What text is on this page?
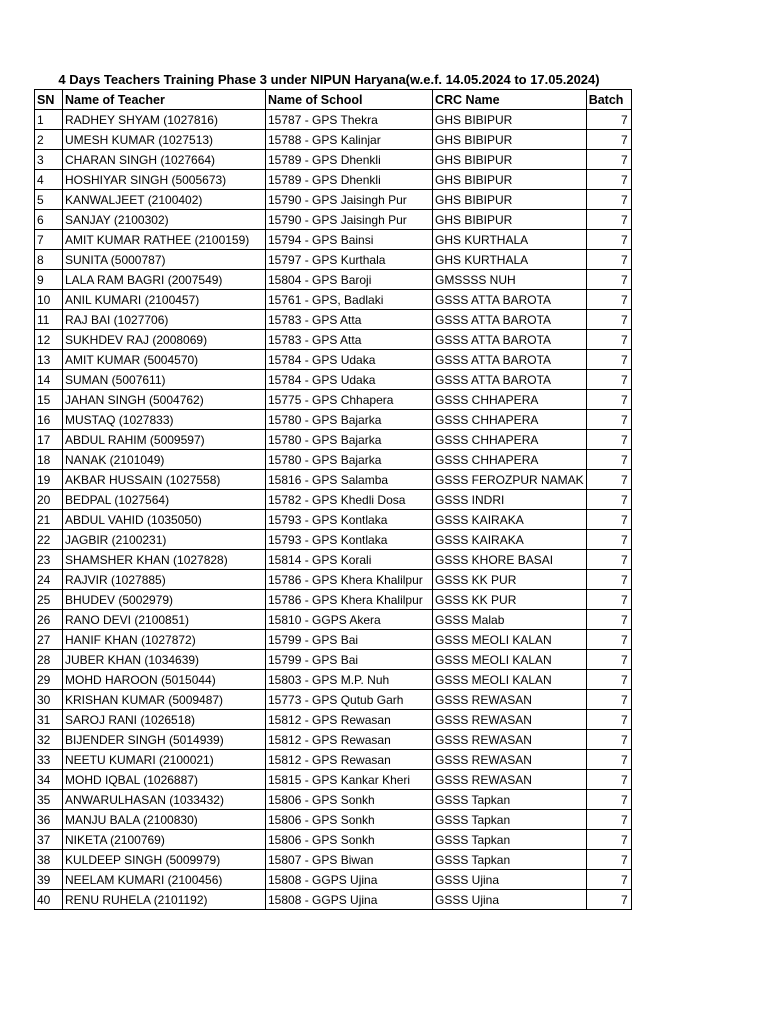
4 Days Teachers Training Phase 3 under NIPUN Haryana(w.e.f. 14.05.2024 to 17.05.2024)
SN	Name of Teacher	Name of School	CRC Name	Batch
1	RADHEY SHYAM (1027816)	15787 - GPS Thekra	GHS BIBIPUR	7
2	UMESH KUMAR (1027513)	15788 - GPS Kalinjar	GHS BIBIPUR	7
3	CHARAN SINGH (1027664)	15789 - GPS Dhenkli	GHS BIBIPUR	7
4	HOSHIYAR SINGH (5005673)	15789 - GPS Dhenkli	GHS BIBIPUR	7
5	KANWALJEET (2100402)	15790 - GPS Jaisingh Pur	GHS BIBIPUR	7
6	SANJAY (2100302)	15790 - GPS Jaisingh Pur	GHS BIBIPUR	7
7	AMIT KUMAR RATHEE (2100159)	15794 - GPS Bainsi	GHS KURTHALA	7
8	SUNITA (5000787)	15797 - GPS Kurthala	GHS KURTHALA	7
9	LALA RAM BAGRI (2007549)	15804 - GPS Baroji	GMSSSS NUH	7
10	ANIL KUMARI (2100457)	15761 - GPS, Badlaki	GSSS ATTA BAROTA	7
11	RAJ BAI (1027706)	15783 - GPS Atta	GSSS ATTA BAROTA	7
12	SUKHDEV RAJ (2008069)	15783 - GPS Atta	GSSS ATTA BAROTA	7
13	AMIT KUMAR (5004570)	15784 - GPS Udaka	GSSS ATTA BAROTA	7
14	SUMAN (5007611)	15784 - GPS Udaka	GSSS ATTA BAROTA	7
15	JAHAN SINGH (5004762)	15775 - GPS Chhapera	GSSS CHHAPERA	7
16	MUSTAQ (1027833)	15780 - GPS Bajarka	GSSS CHHAPERA	7
17	ABDUL RAHIM (5009597)	15780 - GPS Bajarka	GSSS CHHAPERA	7
18	NANAK (2101049)	15780 - GPS Bajarka	GSSS CHHAPERA	7
19	AKBAR HUSSAIN (1027558)	15816 - GPS Salamba	GSSS FEROZPUR NAMAK	7
20	BEDPAL (1027564)	15782 - GPS Khedli Dosa	GSSS INDRI	7
21	ABDUL VAHID (1035050)	15793 - GPS Kontlaka	GSSS KAIRAKA	7
22	JAGBIR (2100231)	15793 - GPS Kontlaka	GSSS KAIRAKA	7
23	SHAMSHER KHAN (1027828)	15814 - GPS Korali	GSSS KHORE BASAI	7
24	RAJVIR (1027885)	15786 - GPS Khera Khalilpur	GSSS KK PUR	7
25	BHUDEV (5002979)	15786 - GPS Khera Khalilpur	GSSS KK PUR	7
26	RANO DEVI (2100851)	15810 - GGPS Akera	GSSS Malab	7
27	HANIF KHAN (1027872)	15799 - GPS Bai	GSSS MEOLI KALAN	7
28	JUBER KHAN (1034639)	15799 - GPS Bai	GSSS MEOLI KALAN	7
29	MOHD HAROON (5015044)	15803 - GPS M.P. Nuh	GSSS MEOLI KALAN	7
30	KRISHAN KUMAR (5009487)	15773 - GPS Qutub Garh	GSSS REWASAN	7
31	SAROJ RANI (1026518)	15812 - GPS Rewasan	GSSS REWASAN	7
32	BIJENDER SINGH (5014939)	15812 - GPS Rewasan	GSSS REWASAN	7
33	NEETU KUMARI (2100021)	15812 - GPS Rewasan	GSSS REWASAN	7
34	MOHD IQBAL (1026887)	15815 - GPS Kankar Kheri	GSSS REWASAN	7
35	ANWARULHASAN (1033432)	15806 - GPS Sonkh	GSSS Tapkan	7
36	MANJU BALA (2100830)	15806 - GPS Sonkh	GSSS Tapkan	7
37	NIKETA (2100769)	15806 - GPS Sonkh	GSSS Tapkan	7
38	KULDEEP SINGH (5009979)	15807 - GPS Biwan	GSSS Tapkan	7
39	NEELAM KUMARI (2100456)	15808 - GGPS Ujina	GSSS Ujina	7
40	RENU RUHELA (2101192)	15808 - GGPS Ujina	GSSS Ujina	7
